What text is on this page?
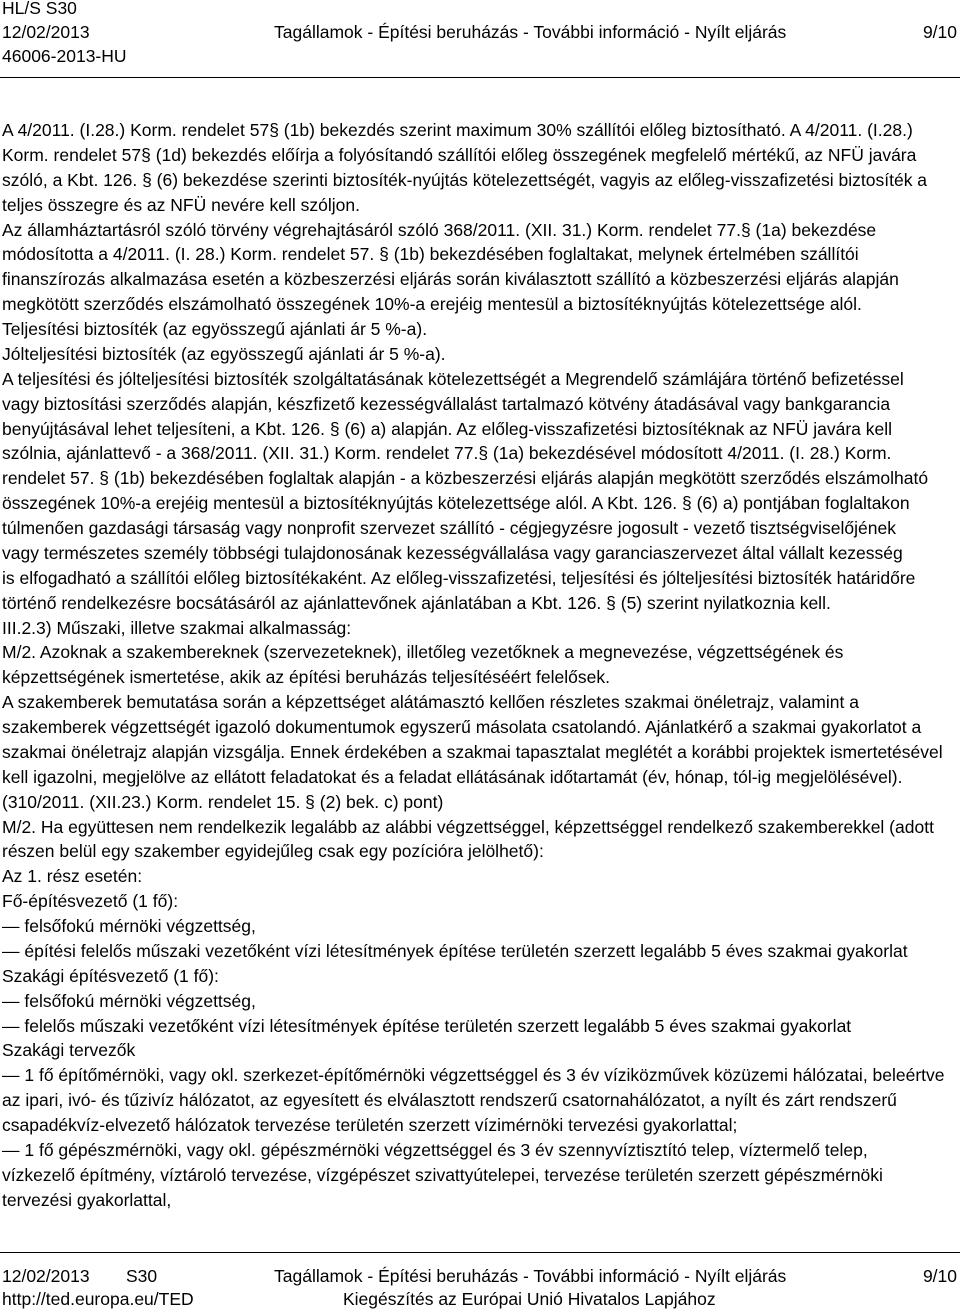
HL/S S30
12/02/2013	Tagállamok - Építési beruházás - További információ - Nyílt eljárás	9/10
46006-2013-HU
A 4/2011. (I.28.) Korm. rendelet 57§ (1b) bekezdés szerint maximum 30% szállítói előleg biztosítható. A 4/2011. (I.28.)
Korm. rendelet 57§ (1d) bekezdés előírja a folyósítandó szállítói előleg összegének megfelelő mértékű, az NFÜ javára
szóló, a Kbt. 126. § (6) bekezdése szerinti biztosíték-nyújtás kötelezettségét, vagyis az előleg-visszafizetési biztosíték a
teljes összegre és az NFÜ nevére kell szóljon.
Az államháztartásról szóló törvény végrehajtásáról szóló 368/2011. (XII. 31.) Korm. rendelet 77.§ (1a) bekezdése
módosította a 4/2011. (I. 28.) Korm. rendelet 57. § (1b) bekezdésében foglaltakat, melynek értelmében szállítói
finanszírozás alkalmazása esetén a közbeszerzési eljárás során kiválasztott szállító a közbeszerzési eljárás alapján
megkötött szerződés elszámolható összegének 10%-a erejéig mentesül a biztosítéknyújtás kötelezettsége alól.
Teljesítési biztosíték (az egyösszegű ajánlati ár 5 %-a).
Jólteljesítési biztosíték (az egyösszegű ajánlati ár 5 %-a).
A teljesítési és jólteljesítési biztosíték szolgáltatásának kötelezettségét a Megrendelő számlájára történő befizetéssel
vagy biztosítási szerződés alapján, készfizető kezességvállalást tartalmazó kötvény átadásával vagy bankgarancia
benyújtásával lehet teljesíteni, a Kbt. 126. § (6) a) alapján. Az előleg-visszafizetési biztosítéknak az NFÜ javára kell
szólnia, ajánlattevő - a 368/2011. (XII. 31.) Korm. rendelet 77.§ (1a) bekezdésével módosított 4/2011. (I. 28.) Korm.
rendelet 57. § (1b) bekezdésében foglaltak alapján - a közbeszerzési eljárás alapján megkötött szerződés elszámolható
összegének 10%-a erejéig mentesül a biztosítéknyújtás kötelezettsége alól. A Kbt. 126. § (6) a) pontjában foglaltakon
túlmenően gazdasági társaság vagy nonprofit szervezet szállító - cégjegyzésre jogosult - vezető tisztségviselőjének
vagy természetes személy többségi tulajdonosának kezességvállalása vagy garanciaszervezet által vállalt kezesség
is elfogadható a szállítói előleg biztosítékaként. Az előleg-visszafizetési, teljesítési és jólteljesítési biztosíték határidőre
történő rendelkezésre bocsátásáról az ajánlattevőnek ajánlatában a Kbt. 126. § (5) szerint nyilatkoznia kell.
III.2.3) Műszaki, illetve szakmai alkalmasság:
M/2. Azoknak a szakembereknek (szervezeteknek), illetőleg vezetőknek a megnevezése, végzettségének és
képzettségének ismertetése, akik az építési beruházás teljesítéséért felelősek.
A szakemberek bemutatása során a képzettséget alátámasztó kellően részletes szakmai önéletrajz, valamint a
szakemberek végzettségét igazoló dokumentumok egyszerű másolata csatolandó. Ajánlatkérő a szakmai gyakorlatot a
szakmai önéletrajz alapján vizsgálja. Ennek érdekében a szakmai tapasztalat meglétét a korábbi projektek ismertetésével
kell igazolni, megjelölve az ellátott feladatokat és a feladat ellátásának időtartamát (év, hónap, tól-ig megjelölésével).
(310/2011. (XII.23.) Korm. rendelet 15. § (2) bek. c) pont)
M/2. Ha együttesen nem rendelkezik legalább az alábbi végzettséggel, képzettséggel rendelkező szakemberekkel (adott
részen belül egy szakember egyidejűleg csak egy pozícióra jelölhető):
Az 1. rész esetén:
Fő-építésvezető (1 fő):
— felsőfokú mérnöki végzettség,
— építési felelős műszaki vezetőként vízi létesítmények építése területén szerzett legalább 5 éves szakmai gyakorlat
Szakági építésvezető (1 fő):
— felsőfokú mérnöki végzettség,
— felelős műszaki vezetőként vízi létesítmények építése területén szerzett legalább 5 éves szakmai gyakorlat
Szakági tervezők
— 1 fő építőmérnöki, vagy okl. szerkezet-építőmérnöki végzettséggel és 3 év víziközművek közüzemi hálózatai, beleértve
az ipari, ivó- és tűzivíz hálózatot, az egyesített és elválasztott rendszerű csatornahálózatot, a nyílt és zárt rendszerű
csapadékvíz-elvezető hálózatok tervezése területén szerzett vízimérnöki tervezési gyakorlattal;
— 1 fő gépészmérnöki, vagy okl. gépészmérnöki végzettséggel és 3 év szennyvíztisztító telep, víztermelő telep,
vízkezelő építmény, víztároló tervezése, vízgépészet szivattyútelepei, tervezése területén szerzett gépészmérnöki
tervezési gyakorlattal,
12/02/2013 S30	Tagállamok - Építési beruházás - További információ - Nyílt eljárás	9/10
http://ted.europa.eu/TED	Kiegészítés az Európai Unió Hivatalos Lapjához
